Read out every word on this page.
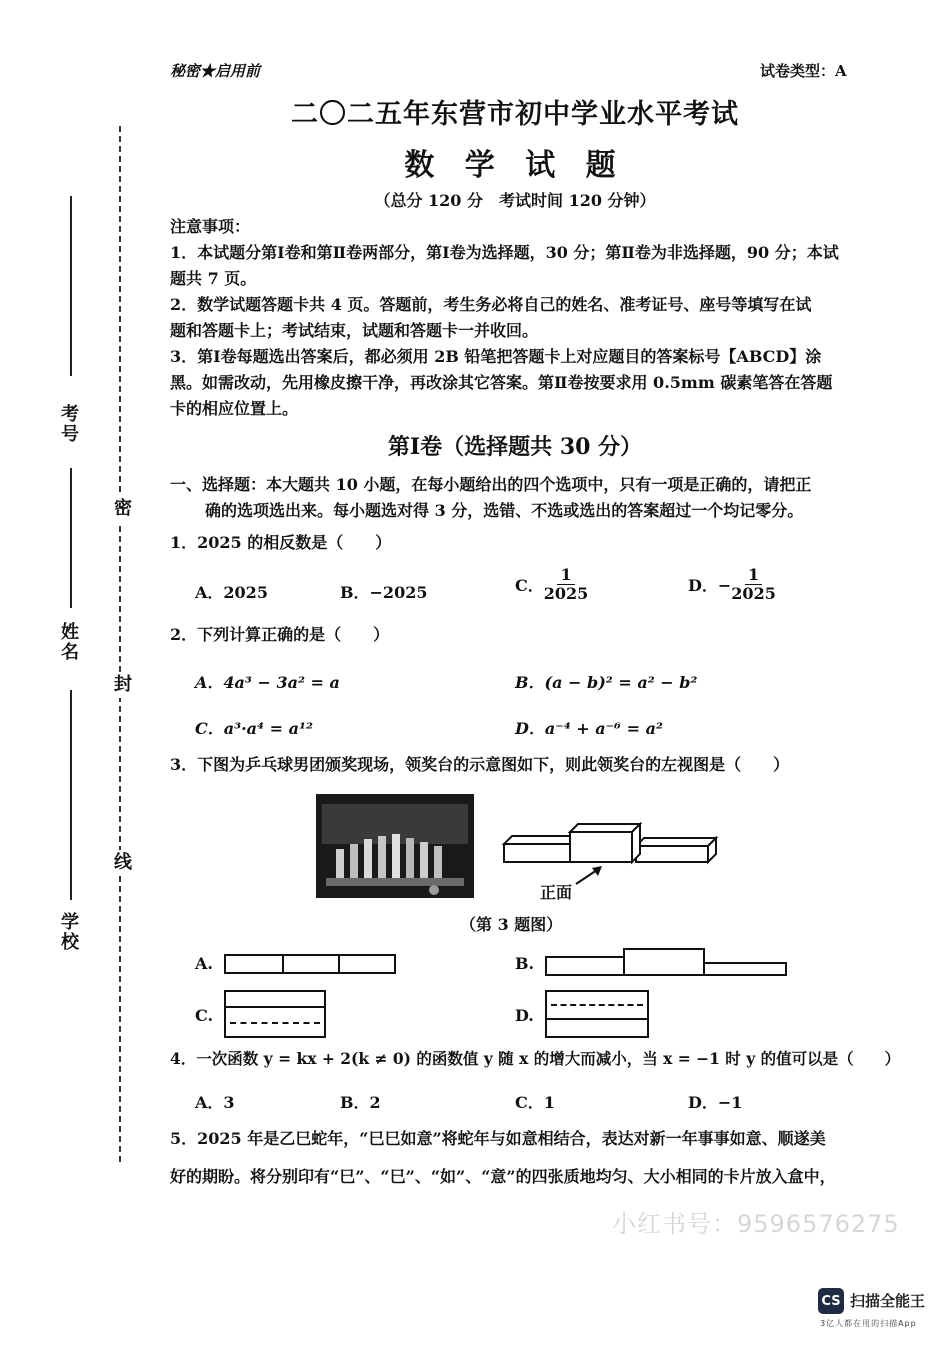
秘密★启用前	试卷类型：A
二〇二五年东营市初中学业水平考试
数 学 试 题
（总分 120 分　考试时间 120 分钟）
注意事项：
1．本试题分第Ⅰ卷和第Ⅱ卷两部分，第Ⅰ卷为选择题，30 分；第Ⅱ卷为非选择题，90 分；本试
题共 7 页。
2．数学试题答题卡共 4 页。答题前，考生务必将自己的姓名、准考证号、座号等填写在试
题和答题卡上；考试结束，试题和答题卡一并收回。
3．第Ⅰ卷每题选出答案后，都必须用 2B 铅笔把答题卡上对应题目的答案标号【ABCD】涂
黑。如需改动，先用橡皮擦干净，再改涂其它答案。第Ⅱ卷按要求用 0.5mm 碳素笔答在答题
卡的相应位置上。
第Ⅰ卷（选择题共 30 分）
一、选择题：本大题共 10 小题，在每小题给出的四个选项中，只有一项是正确的，请把正
确的选项选出来。每小题选对得 3 分，选错、不选或选出的答案超过一个均记零分。
1．2025 的相反数是（　　）
A．2025	B．−2025	C． $\frac{1}{2025}$	D．− $\frac{1}{2025}$
2．下列计算正确的是（　　）
A．4a³ − 3a² = a	B．(a − b)² = a² − b²
C．a³·a⁴ = a¹²	D．a⁻⁴ + a⁻⁶ = a²
3．下图为乒乓球男团颁奖现场，领奖台的示意图如下，则此领奖台的左视图是（　　）
正面
（第 3 题图）
A.	B.
C.	D.
4．一次函数 y = kx + 2(k ≠ 0) 的函数值 y 随 x 的增大而减小，当 x = −1 时 y 的值可以是（　　）
A．3	B．2	C．1	D．−1
5．2025 年是乙巳蛇年，“巳巳如意”将蛇年与如意相结合，表达对新一年事事如意、顺遂美
好的期盼。将分别印有“巳”、“巳”、“如”、“意”的四张质地均匀、大小相同的卡片放入盒中，
考号
姓名
学校
密
封
线
小红书号：9596576275
CS 扫描全能王
3亿人都在用的扫描App
